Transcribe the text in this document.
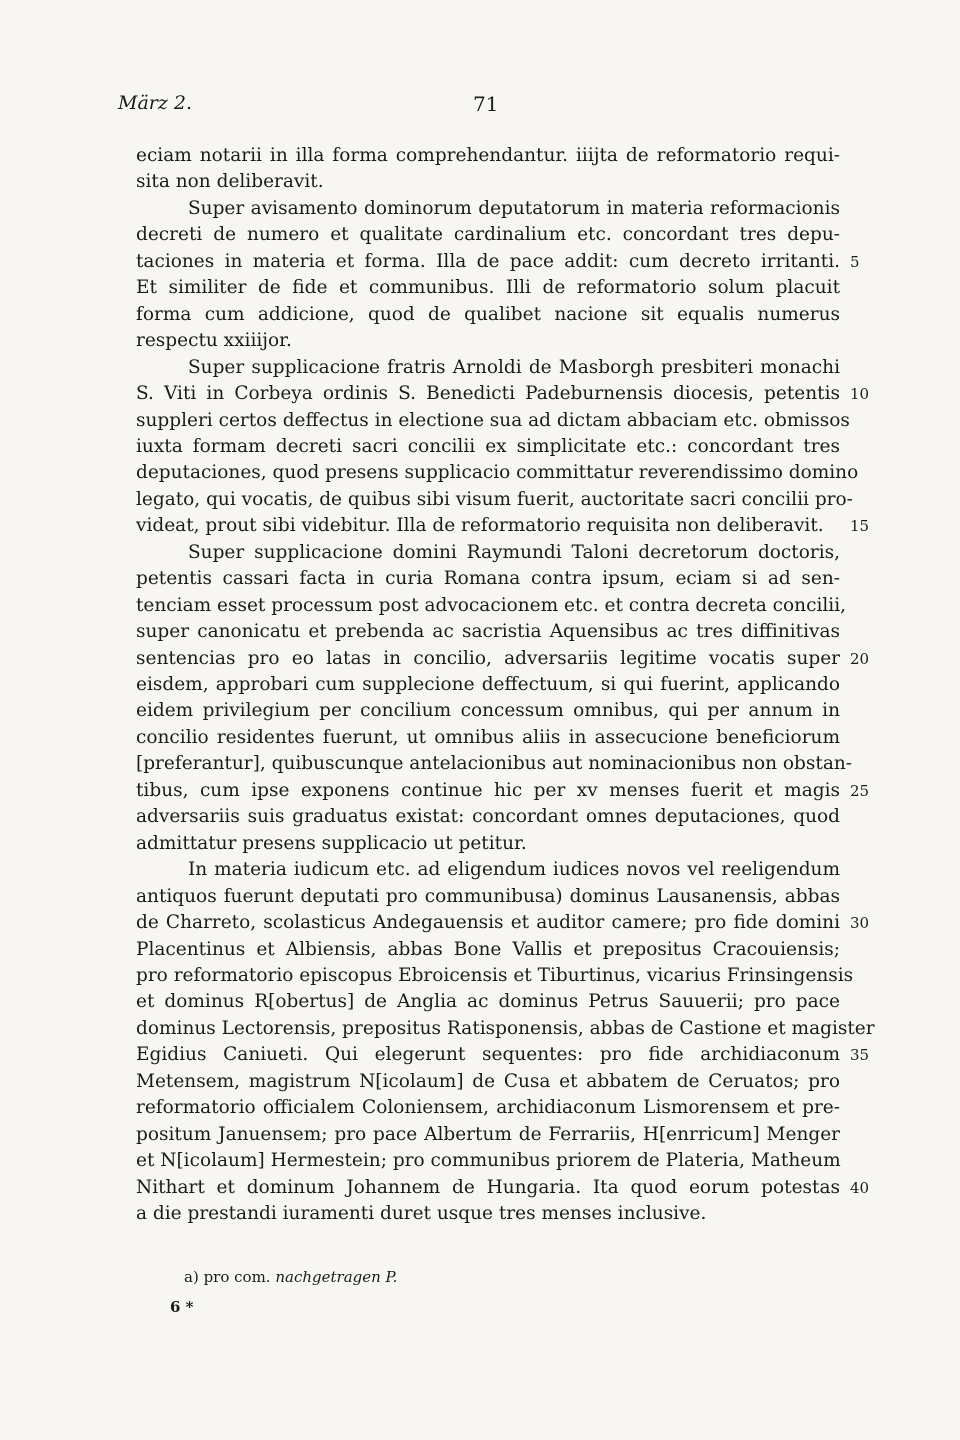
März 2.	71
eciam notarii in illa forma comprehendantur. iiijta de reformatorio requi-
sita non deliberavit.
Super avisamento dominorum deputatorum in materia reformacionis
decreti de numero et qualitate cardinalium etc. concordant tres depu-
taciones in materia et forma. Illa de pace addit: cum decreto irritanti.
Et similiter de fide et communibus. Illi de reformatorio solum placuit
forma cum addicione, quod de qualibet nacione sit equalis numerus
respectu xxiiijor.
Super supplicacione fratris Arnoldi de Masborgh presbiteri monachi
S. Viti in Corbeya ordinis S. Benedicti Padeburnensis diocesis, petentis
suppleri certos deffectus in electione sua ad dictam abbaciam etc. obmissos
iuxta formam decreti sacri concilii ex simplicitate etc.: concordant tres
deputaciones, quod presens supplicacio committatur reverendissimo domino
legato, qui vocatis, de quibus sibi visum fuerit, auctoritate sacri concilii pro-
videat, prout sibi videbitur. Illa de reformatorio requisita non deliberavit.
Super supplicacione domini Raymundi Taloni decretorum doctoris,
petentis cassari facta in curia Romana contra ipsum, eciam si ad sen-
tenciam esset processum post advocacionem etc. et contra decreta concilii,
super canonicatu et prebenda ac sacristia Aquensibus ac tres diffinitivas
sentencias pro eo latas in concilio, adversariis legitime vocatis super
eisdem, approbari cum supplecione deffectuum, si qui fuerint, applicando
eidem privilegium per concilium concessum omnibus, qui per annum in
concilio residentes fuerunt, ut omnibus aliis in assecucione beneficiorum
[preferantur], quibuscunque antelacionibus aut nominacionibus non obstan-
tibus, cum ipse exponens continue hic per xv menses fuerit et magis
adversariis suis graduatus existat: concordant omnes deputaciones, quod
admittatur presens supplicacio ut petitur.
In materia iudicum etc. ad eligendum iudices novos vel reeligendum
antiquos fuerunt deputati pro communibusa) dominus Lausanensis, abbas
de Charreto, scolasticus Andegauensis et auditor camere; pro fide domini
Placentinus et Albiensis, abbas Bone Vallis et prepositus Cracouiensis;
pro reformatorio episcopus Ebroicensis et Tiburtinus, vicarius Frinsingensis
et dominus R[obertus] de Anglia ac dominus Petrus Sauuerii; pro pace
dominus Lectorensis, prepositus Ratisponensis, abbas de Castione et magister
Egidius Caniueti. Qui elegerunt sequentes: pro fide archidiaconum
Metensem, magistrum N[icolaum] de Cusa et abbatem de Ceruatos; pro
reformatorio officialem Coloniensem, archidiaconum Lismorensem et pre-
positum Januensem; pro pace Albertum de Ferrariis, H[enrricum] Menger
et N[icolaum] Hermestein; pro communibus priorem de Plateria, Matheum
Nithart et dominum Johannem de Hungaria. Ita quod eorum potestas
a die prestandi iuramenti duret usque tres menses inclusive.
5
10
15
20
25
30
35
40
a) pro com. nachgetragen P.
6 *
